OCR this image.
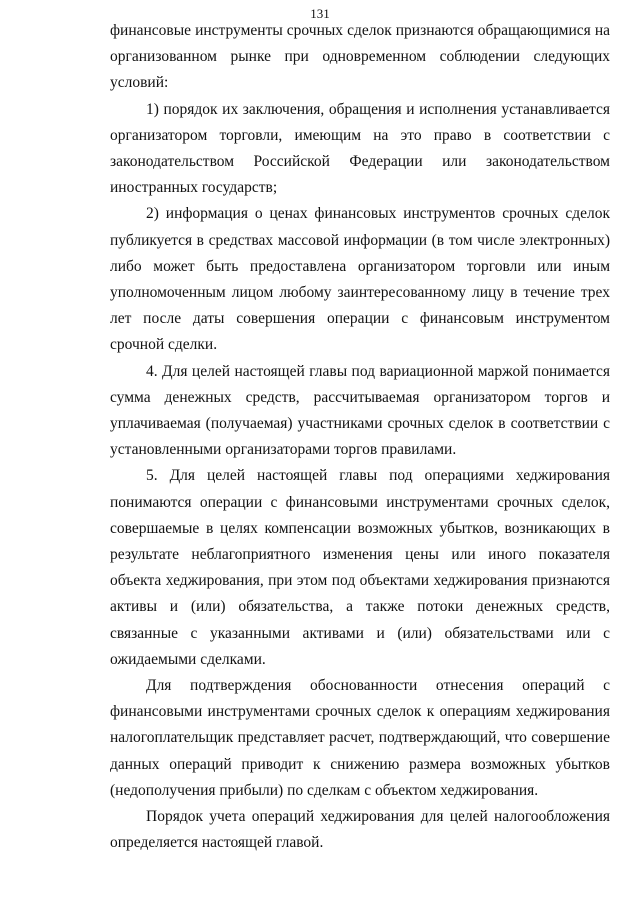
131

финансовые инструменты срочных сделок признаются обращающимися на организованном рынке при одновременном соблюдении следующих условий:

1) порядок их заключения, обращения и исполнения устанавливается организатором торговли, имеющим на это право в соответствии с законодательством Российской Федерации или законодательством иностранных государств;

2) информация о ценах финансовых инструментов срочных сделок публикуется в средствах массовой информации (в том числе электронных) либо может быть предоставлена организатором торговли или иным уполномоченным лицом любому заинтересованному лицу в течение трех лет после даты совершения операции с финансовым инструментом срочной сделки.

4. Для целей настоящей главы под вариационной маржой понимается сумма денежных средств, рассчитываемая организатором торгов и уплачиваемая (получаемая) участниками срочных сделок в соответствии с установленными организаторами торгов правилами.

5. Для целей настоящей главы под операциями хеджирования понимаются операции с финансовыми инструментами срочных сделок, совершаемые в целях компенсации возможных убытков, возникающих в результате неблагоприятного изменения цены или иного показателя объекта хеджирования, при этом под объектами хеджирования признаются активы и (или) обязательства, а также потоки денежных средств, связанные с указанными активами и (или) обязательствами или с ожидаемыми сделками.

Для подтверждения обоснованности отнесения операций с финансовыми инструментами срочных сделок к операциям хеджирования налогоплательщик представляет расчет, подтверждающий, что совершение данных операций приводит к снижению размера возможных убытков (недополучения прибыли) по сделкам с объектом хеджирования.

Порядок учета операций хеджирования для целей налогообложения определяется настоящей главой.
